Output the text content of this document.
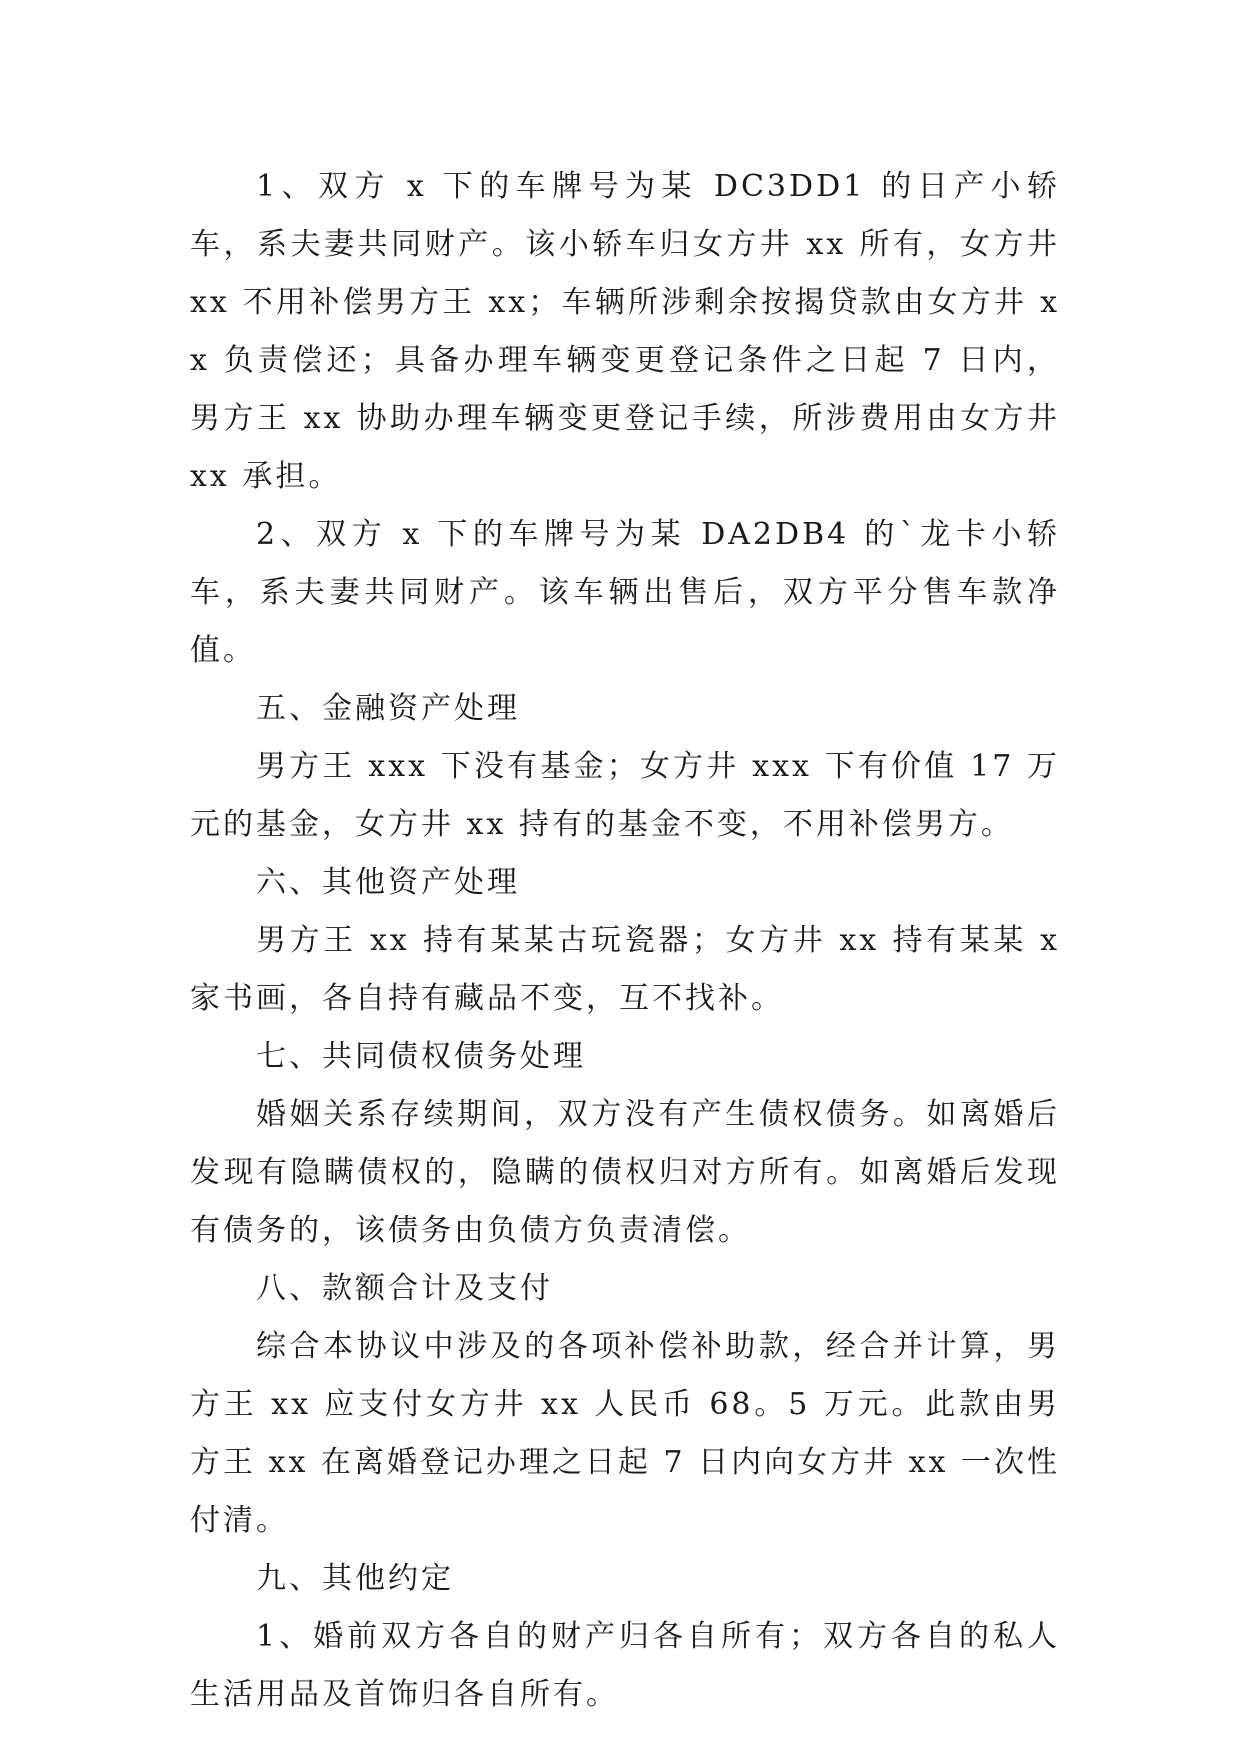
1、双方 x 下的车牌号为某 DC3DD1 的日产小轿车，系夫妻共同财产。该小轿车归女方井 xx 所有，女方井 xx 不用补偿男方王 xx；车辆所涉剩余按揭贷款由女方井 xx 负责偿还；具备办理车辆变更登记条件之日起 7 日内，男方王 xx 协助办理车辆变更登记手续，所涉费用由女方井 xx 承担。

2、双方 x 下的车牌号为某 DA2DB4 的`龙卡小轿车，系夫妻共同财产。该车辆出售后，双方平分售车款净值。

五、金融资产处理

男方王 xxx 下没有基金；女方井 xxx 下有价值 17 万元的基金，女方井 xx 持有的基金不变，不用补偿男方。

六、其他资产处理

男方王 xx 持有某某古玩瓷器；女方井 xx 持有某某 x 家书画，各自持有藏品不变，互不找补。

七、共同债权债务处理

婚姻关系存续期间，双方没有产生债权债务。如离婚后发现有隐瞒债权的，隐瞒的债权归对方所有。如离婚后发现有债务的，该债务由负债方负责清偿。

八、款额合计及支付

综合本协议中涉及的各项补偿补助款，经合并计算，男方王 xx 应支付女方井 xx 人民币 68。5 万元。此款由男方王 xx 在离婚登记办理之日起 7 日内向女方井 xx 一次性付清。

九、其他约定

1、婚前双方各自的财产归各自所有；双方各自的私人生活用品及首饰归各自所有。
